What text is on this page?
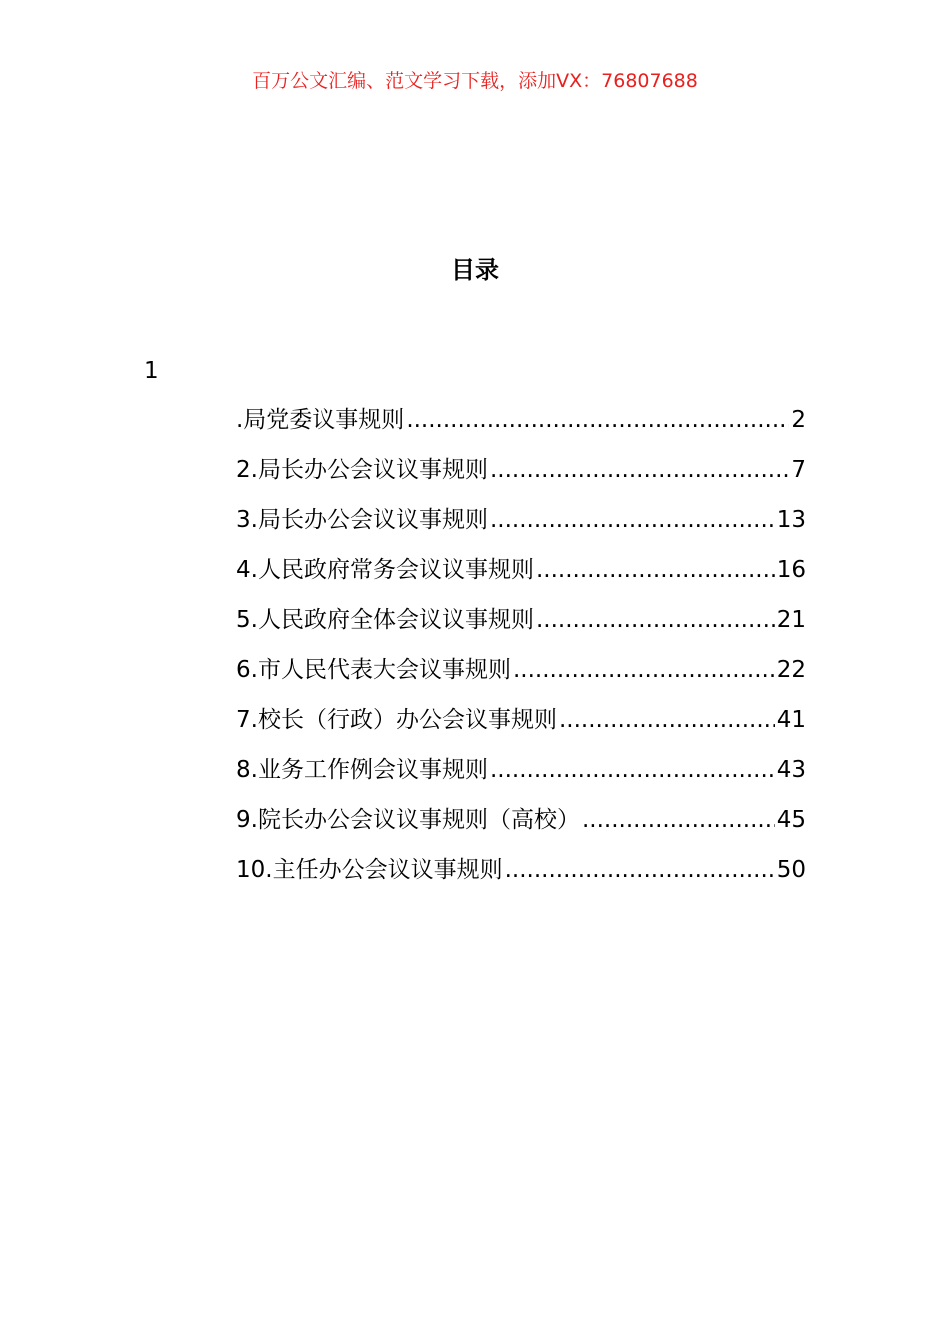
百万公文汇编、范文学习下载，添加VX：76807688
目录
1
.局党委议事规则 .....	2
2.局长办公会议议事规则 .....	7
3.局长办公会议议事规则 .....	13
4.人民政府常务会议议事规则 .....	16
5.人民政府全体会议议事规则 .....	21
6.市人民代表大会议事规则 .....	22
7.校长（行政）办公会议事规则 .....	41
8.业务工作例会议事规则 .....	43
9.院长办公会议议事规则（高校） .....	45
10.主任办公会议议事规则 .....	50
